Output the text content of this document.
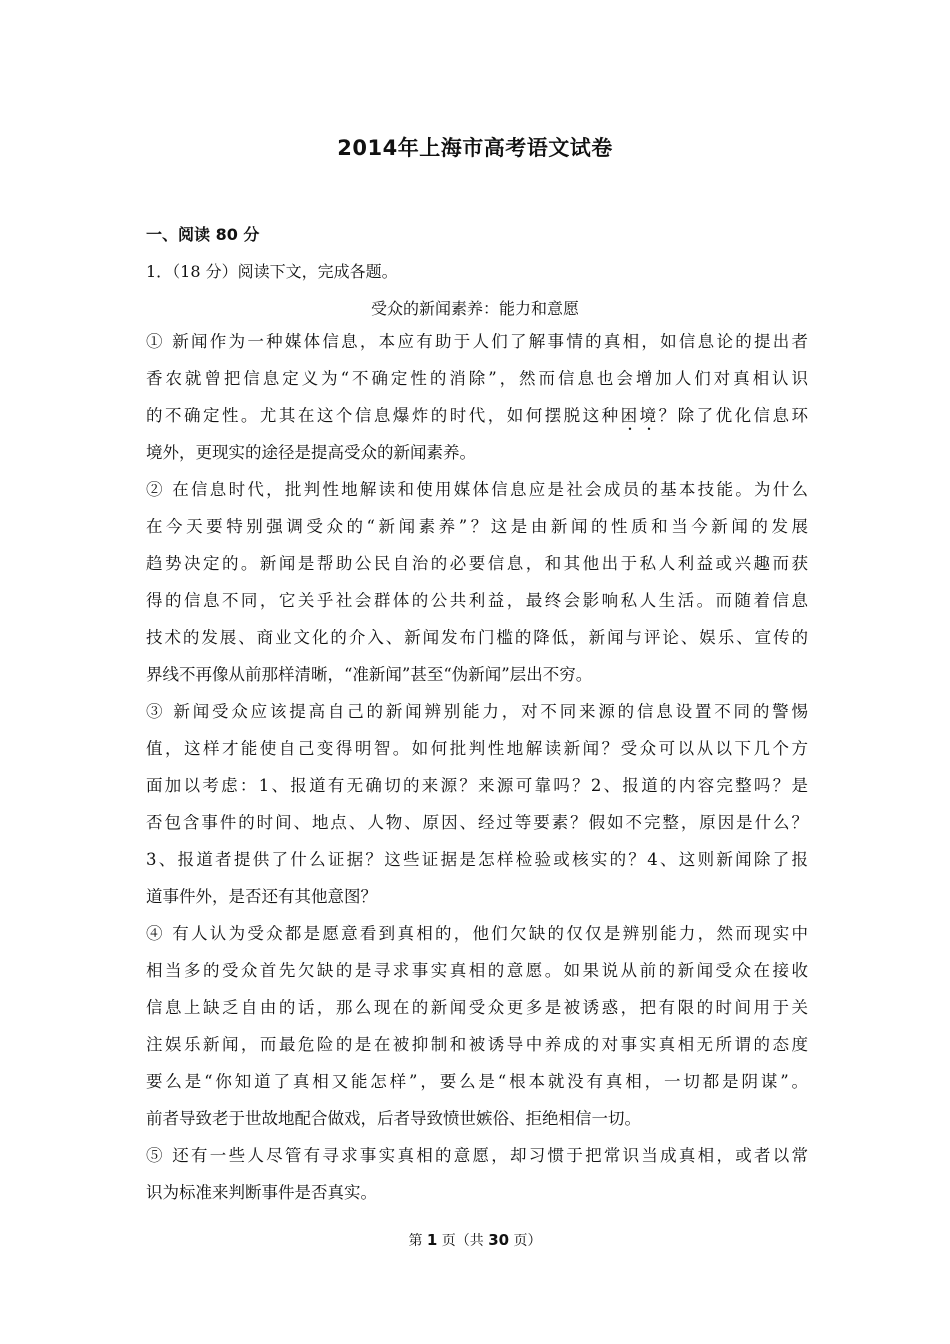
2014年上海市高考语文试卷
一、阅读 80 分
1．（18 分）阅读下文，完成各题。
受众的新闻素养：能力和意愿
① 新闻作为一种媒体信息，本应有助于人们了解事情的真相，如信息论的提出者
香农就曾把信息定义为“不确定性的消除”，然而信息也会增加人们对真相认识
的不确定性。尤其在这个信息爆炸的时代，如何摆脱这种困境？除了优化信息环
境外，更现实的途径是提高受众的新闻素养。
② 在信息时代，批判性地解读和使用媒体信息应是社会成员的基本技能。为什么
在今天要特别强调受众的“新闻素养”？这是由新闻的性质和当今新闻的发展
趋势决定的。新闻是帮助公民自治的必要信息，和其他出于私人利益或兴趣而获
得的信息不同，它关乎社会群体的公共利益，最终会影响私人生活。而随着信息
技术的发展、商业文化的介入、新闻发布门槛的降低，新闻与评论、娱乐、宣传的
界线不再像从前那样清晰，“准新闻”甚至“伪新闻”层出不穷。
③ 新闻受众应该提高自己的新闻辨别能力，对不同来源的信息设置不同的警惕
值，这样才能使自己变得明智。如何批判性地解读新闻？受众可以从以下几个方
面加以考虑：1、报道有无确切的来源？来源可靠吗？2、报道的内容完整吗？是
否包含事件的时间、地点、人物、原因、经过等要素？假如不完整，原因是什么？
3、报道者提供了什么证据？这些证据是怎样检验或核实的？4、这则新闻除了报
道事件外，是否还有其他意图？
④ 有人认为受众都是愿意看到真相的，他们欠缺的仅仅是辨别能力，然而现实中
相当多的受众首先欠缺的是寻求事实真相的意愿。如果说从前的新闻受众在接收
信息上缺乏自由的话，那么现在的新闻受众更多是被诱惑，把有限的时间用于关
注娱乐新闻，而最危险的是在被抑制和被诱导中养成的对事实真相无所谓的态度
要么是“你知道了真相又能怎样”，要么是“根本就没有真相，一切都是阴谋”。
前者导致老于世故地配合做戏，后者导致愤世嫉俗、拒绝相信一切。
⑤ 还有一些人尽管有寻求事实真相的意愿，却习惯于把常识当成真相，或者以常
识为标准来判断事件是否真实。
第 1 页（共 30 页）
